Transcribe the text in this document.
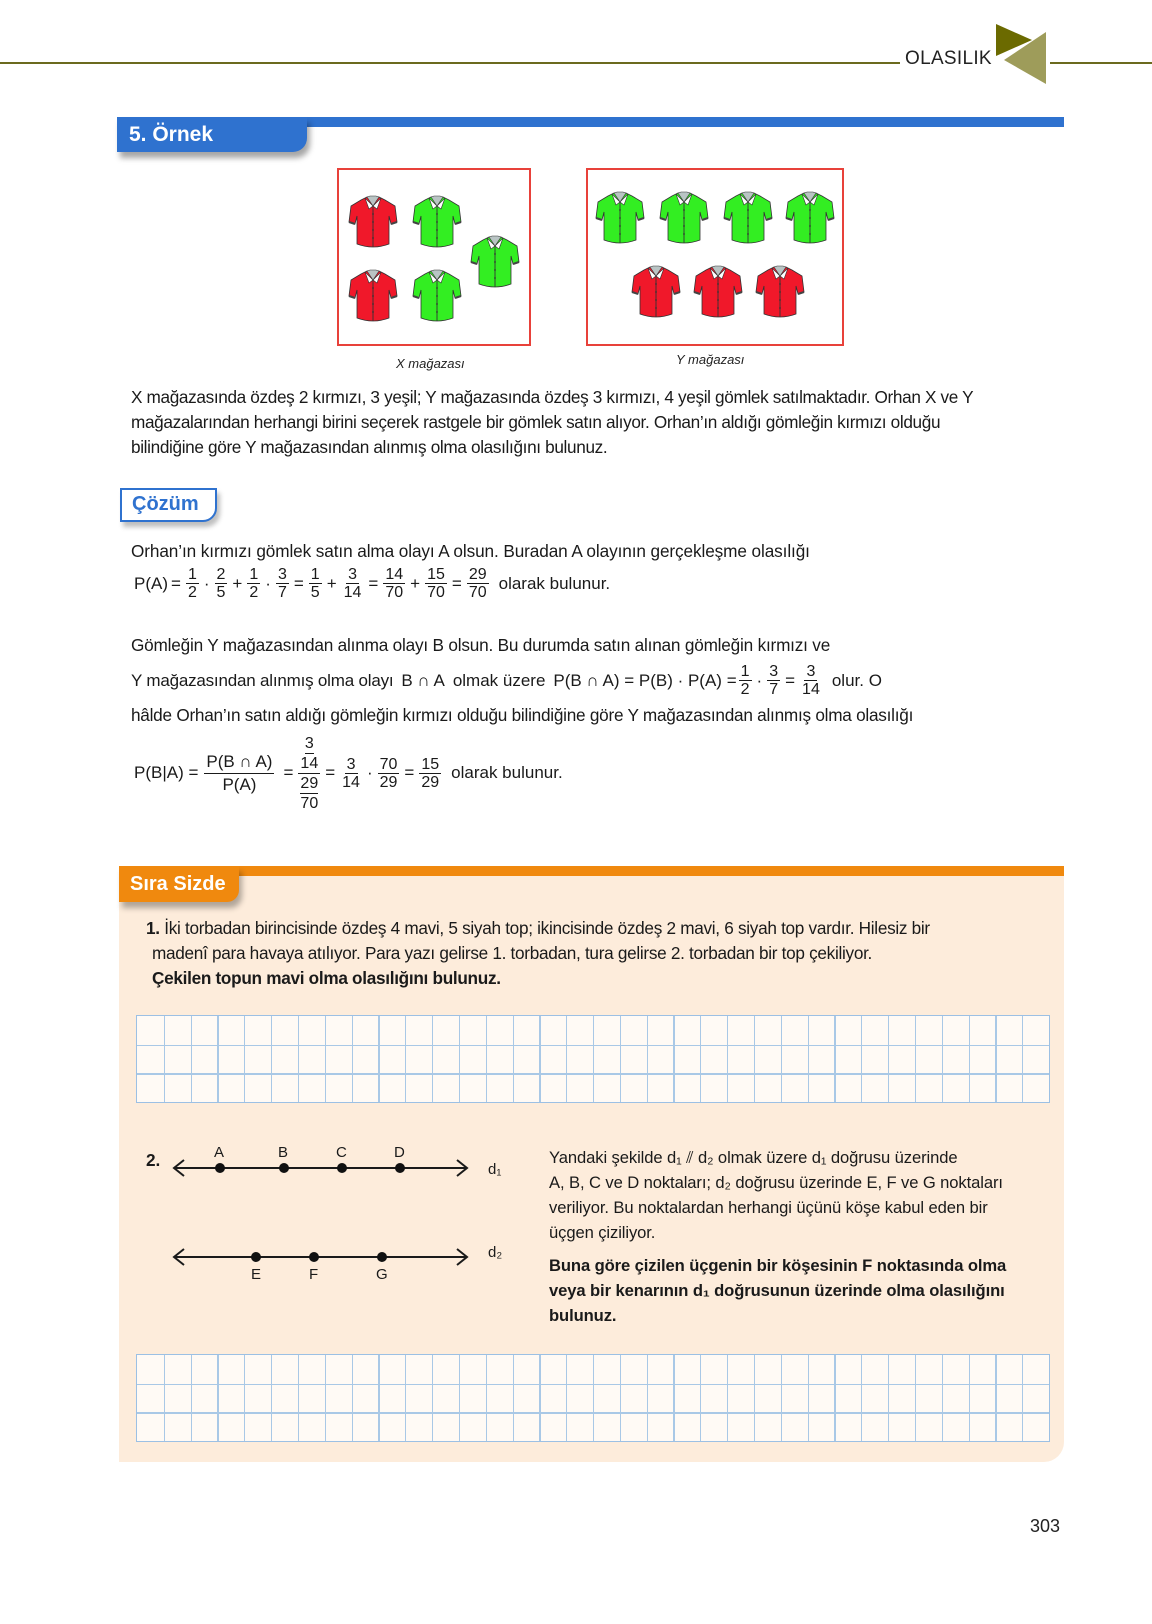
OLASILIK
5. Örnek
X mağazası	Y mağazası
X mağazasında özdeş 2 kırmızı, 3 yeşil; Y mağazasında özdeş 3 kırmızı, 4 yeşil gömlek satılmaktadır. Orhan X ve Y
mağazalarından herhangi birini seçerek rastgele bir gömlek satın alıyor. Orhan’ın aldığı gömleğin kırmızı olduğu
bilindiğine göre Y mağazasından alınmış olma olasılığını bulunuz.
Çözüm
Orhan’ın kırmızı gömlek satın alma olayı A olsun. Buradan A olayının gerçekleşme olasılığı
$P(A) = \frac{1}{2} \cdot \frac{2}{5} + \frac{1}{2} \cdot \frac{3}{7} = \frac{1}{5} + \frac{3}{14} = \frac{14}{70} + \frac{15}{70} = \frac{29}{70}$ olarak bulunur.
Gömleğin Y mağazasından alınma olayı B olsun. Bu durumda satın alınan gömleğin kırmızı ve
Y mağazasından alınmış olma olayı B ∩ A olmak üzere P(B ∩ $A) = P(B) \cdot P(A) = \frac{1}{2} \cdot \frac{3}{7} = \frac{3}{14}$ olur. O
hâlde Orhan’ın satın aldığı gömleğin kırmızı olduğu bilindiğine göre Y mağazasından alınmış olma olasılığı
$P(B|A) = \frac{P(B \cap A)}{P(A)} = 3$
14
29
$70 = \frac{3}{14} \cdot \frac{70}{29} = \frac{15}{29}$ olarak bulunur.
Sıra Sizde
1. İki torbadan birincisinde özdeş 4 mavi, 5 siyah top; ikincisinde özdeş 2 mavi, 6 siyah top vardır. Hilesiz bir
madenî para havaya atılıyor. Para yazı gelirse 1. torbadan, tura gelirse 2. torbadan bir top çekiliyor.
Çekilen topun mavi olma olasılığını bulunuz.
2.	A	B	C	D
d₁
E	F	G
d₂
Yandaki şekilde d₁ ⫽ d₂ olmak üzere d₁ doğrusu üzerinde
A, B, C ve D noktaları; d₂ doğrusu üzerinde E, F ve G noktaları
veriliyor. Bu noktalardan herhangi üçünü köşe kabul eden bir
üçgen çiziliyor.
Buna göre çizilen üçgenin bir köşesinin F noktasında olma
veya bir kenarının d₁ doğrusunun üzerinde olma olasılığını
bulunuz.
303
